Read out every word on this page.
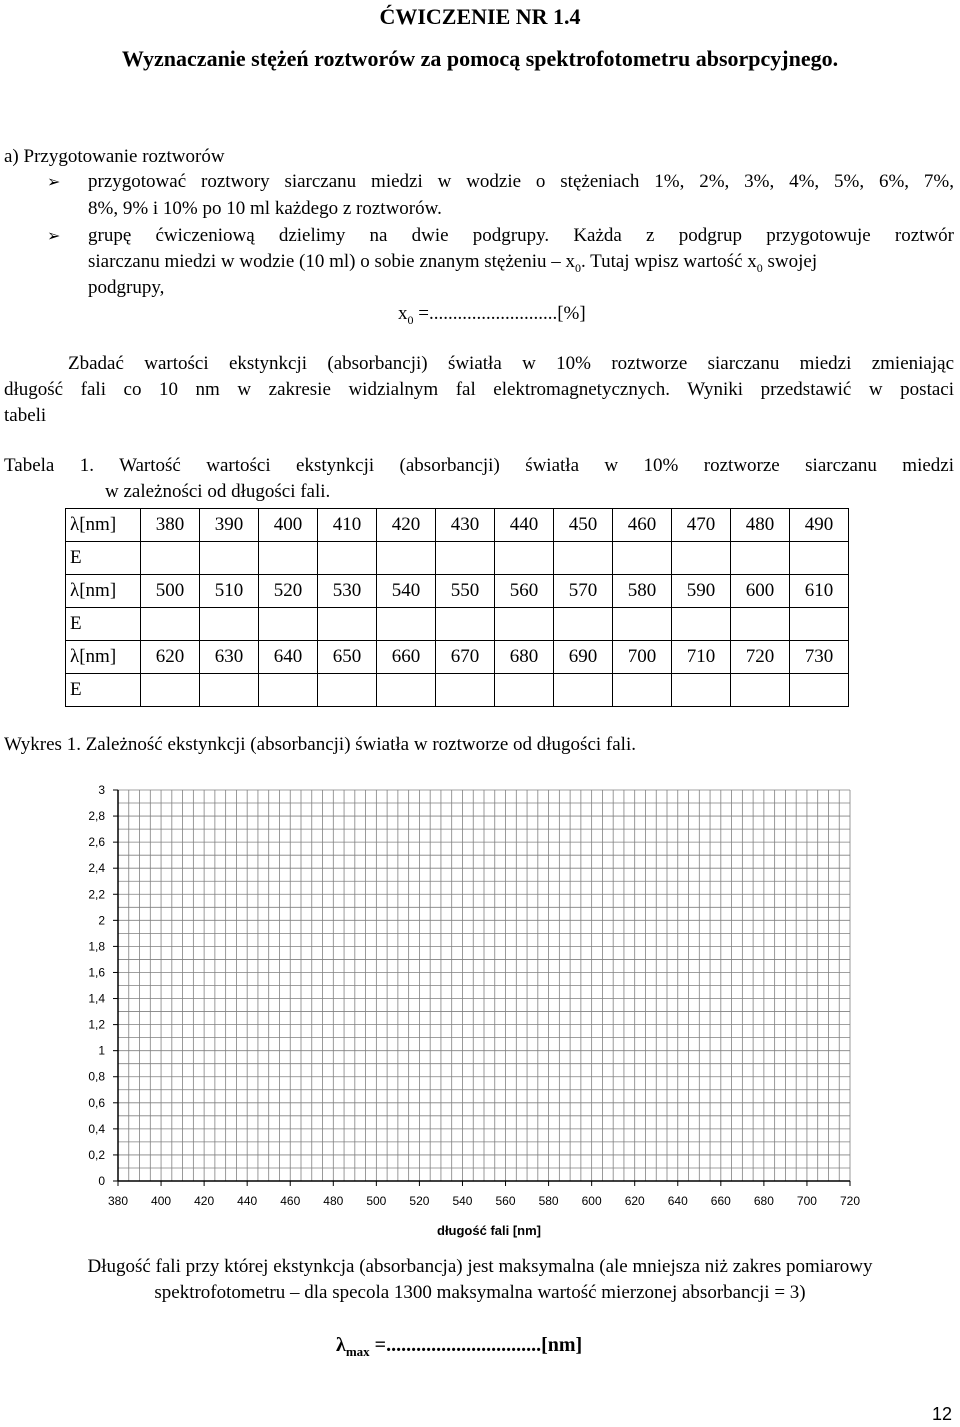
ĆWICZENIE NR 1.4
Wyznaczanie stężeń roztworów za pomocą spektrofotometru absorpcyjnego.
a) Przygotowanie roztworów
➢ przygotować roztwory siarczanu miedzi w wodzie o stężeniach 1%, 2%, 3%, 4%, 5%, 6%, 7%,
8%, 9% i 10% po 10 ml każdego z roztworów.
➢ grupę ćwiczeniową dzielimy na dwie podgrupy. Każda z podgrup przygotowuje roztwór
siarczanu miedzi w wodzie (10 ml) o sobie znanym stężeniu – $x_0$. Tutaj wpisz wartość $x_0$ swojej
podgrupy,
$x_0$ =...........................[%]
Zbadać wartości ekstynkcji (absorbancji) światła w 10% roztworze siarczanu miedzi zmieniając
długość fali co 10 nm w zakresie widzialnym fal elektromagnetycznych. Wyniki przedstawić w postaci
tabeli
Tabela 1. Wartość wartości ekstynkcji (absorbancji) światła w 10% roztworze siarczanu miedzi
w zależności od długości fali.
λ[nm]	380	390	400	410	420	430	440	450	460	470	480	490
E												
λ[nm]	500	510	520	530	540	550	560	570	580	590	600	610
E												
λ[nm]	620	630	640	650	660	670	680	690	700	710	720	730
E												
Wykres 1. Zależność ekstynkcji (absorbancji) światła w roztworze od długości fali.
0
0,2
0,4
0,6
0,8
1
1,2
1,4
1,6
1,8
2
2,2
2,4
2,6
2,8
3
380 400 420 440 460 480 500 520 540 560 580 600 620 640 660 680 700 720
długość fali [nm]
Długość fali przy której ekstynkcja (absorbancja) jest maksymalna (ale mniejsza niż zakres pomiarowy
spektrofotometru – dla specola 1300 maksymalna wartość mierzonej absorbancji = 3)
$\lambda_{max} =...............................[nm]$
12
